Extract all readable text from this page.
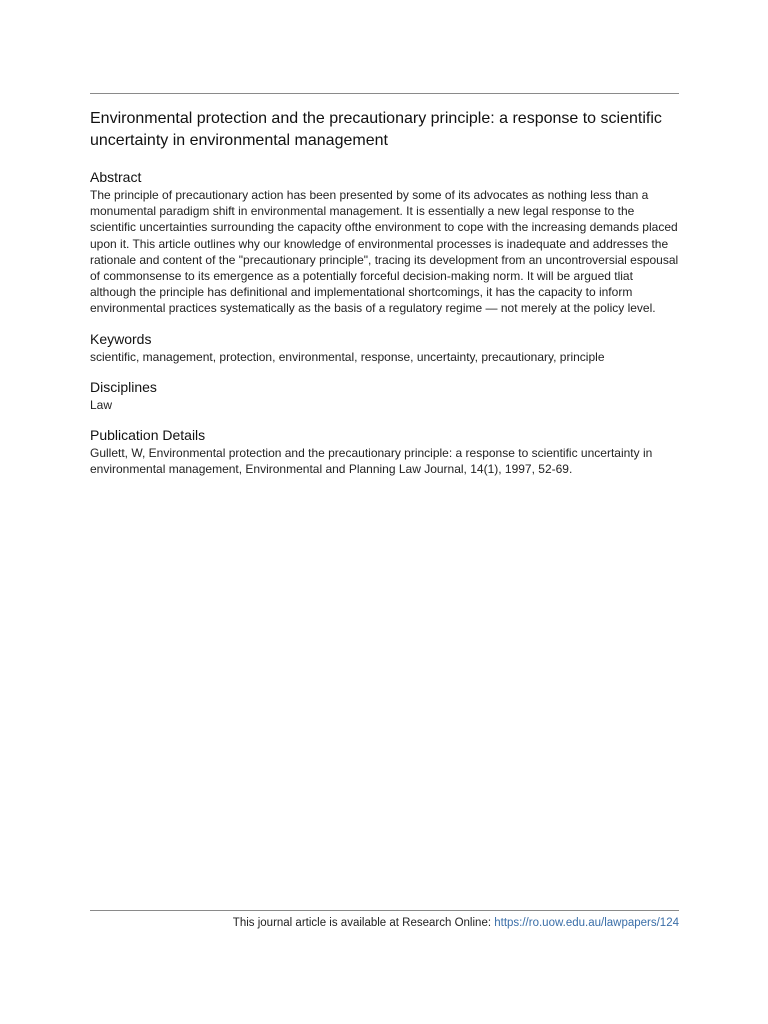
Environmental protection and the precautionary principle: a response to scientific uncertainty in environmental management
Abstract

The principle of precautionary action has been presented by some of its advocates as nothing less than a monumental paradigm shift in environmental management. It is essentially a new legal response to the scientific uncertainties surrounding the capacity ofthe environment to cope with the increasing demands placed upon it. This article outlines why our knowledge of environmental processes is inadequate and addresses the rationale and content of the "precautionary principle", tracing its development from an uncontroversial espousal of commonsense to its emergence as a potentially forceful decision-making norm. It will be argued tliat although the principle has definitional and implementational shortcomings, it has the capacity to inform environmental practices systematically as the basis of a regulatory regime — not merely at the policy level.

Keywords

scientific, management, protection, environmental, response, uncertainty, precautionary, principle

Disciplines

Law

Publication Details

Gullett, W, Environmental protection and the precautionary principle: a response to scientific uncertainty in environmental management, Environmental and Planning Law Journal, 14(1), 1997, 52-69.

This journal article is available at Research Online: https://ro.uow.edu.au/lawpapers/124
